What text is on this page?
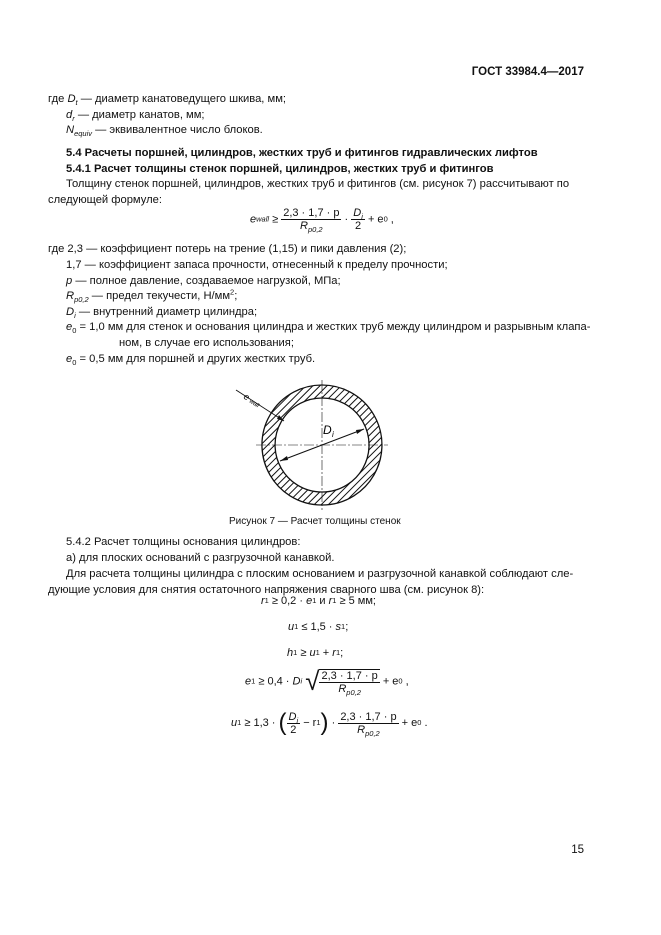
ГОСТ 33984.4—2017
где $D_t$ — диаметр канатоведущего шкива, мм;
$d_r$ — диаметр канатов, мм;
$N_{equiv}$ — эквивалентное число блоков.
5.4 Расчеты поршней, цилиндров, жестких труб и фитингов гидравлических лифтов
5.4.1 Расчет толщины стенок поршней, цилиндров, жестких труб и фитингов
Толщину стенок поршней, цилиндров, жестких труб и фитингов (см. рисунок 7) рассчитывают по
следующей формуле:
ewall ≥ $\frac{2,3 \cdot 1,7 \cdot p}{R_{p0,2}} \cdot \frac{D_i}{2} + e0$ ,
где 2,3 — коэффициент потерь на трение (1,15) и пики давления (2);
1,7 — коэффициент запаса прочности, отнесенный к пределу прочности;
p — полное давление, создаваемое нагрузкой, МПа;
$R_{p0,2}$ — предел текучести, $Н/мм^2$;
$D_i$ — внутренний диаметр цилиндра;
$e_0 = 1,0$ мм для стенок и основания цилиндра и жестких труб между цилиндром и разрывным клапа-
ном, в случае его использования;
$e_0 = 0,5$ мм для поршней и других жестких труб.
e
wall
D i
Рисунок 7 — Расчет толщины стенок
5.4.2 Расчет толщины основания цилиндров:
а) для плоских оснований с разгрузочной канавкой.
Для расчета толщины цилиндра с плоским основанием и разгрузочной канавкой соблюдают сле-
дующие условия для снятия остаточного напряжения сварного шва (см. рисунок 8):
r1 ≥ 0,2 · e1 и r1 ≥ 5 мм;
u1 ≤ 1,5 · s1;
h1 ≥ u1 + r1;
e1 ≥ 0,4 · Di √ $\frac{2,3 \cdot 1,7 \cdot p}{R_{p0,2}} + e0$ ,
u1 ≥ 1,3 · ( $\frac{D_i}{2} - r1) \cdot \frac{2,3 \cdot 1,7 \cdot p}{R_{p0,2}} + e0$ .
15
